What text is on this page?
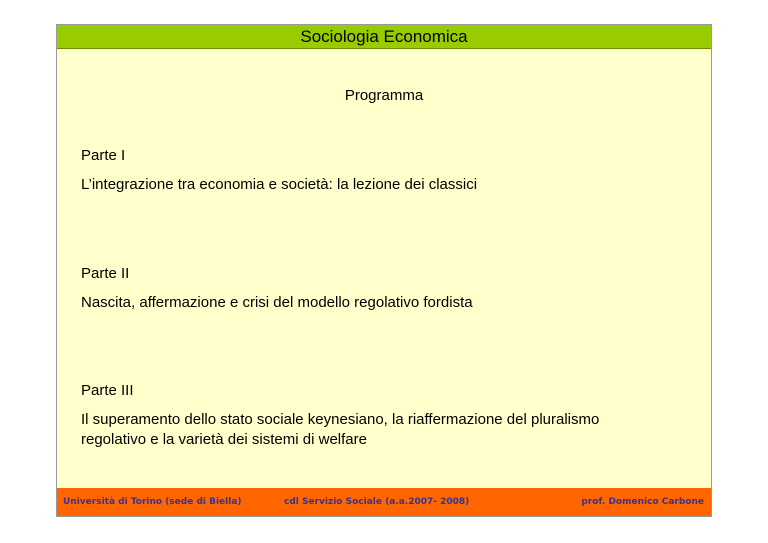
Sociologia Economica
Programma

Parte I

L’integrazione tra economia e società: la lezione dei classici

Parte II

Nascita, affermazione e crisi del modello regolativo fordista

Parte III

Il superamento dello stato sociale keynesiano, la riaffermazione del pluralismo

regolativo e la varietà dei sistemi di welfare

Università di Torino (sede di Biella)	cdl Servizio Sociale (a.a.2007- 2008)	prof. Domenico Carbone
